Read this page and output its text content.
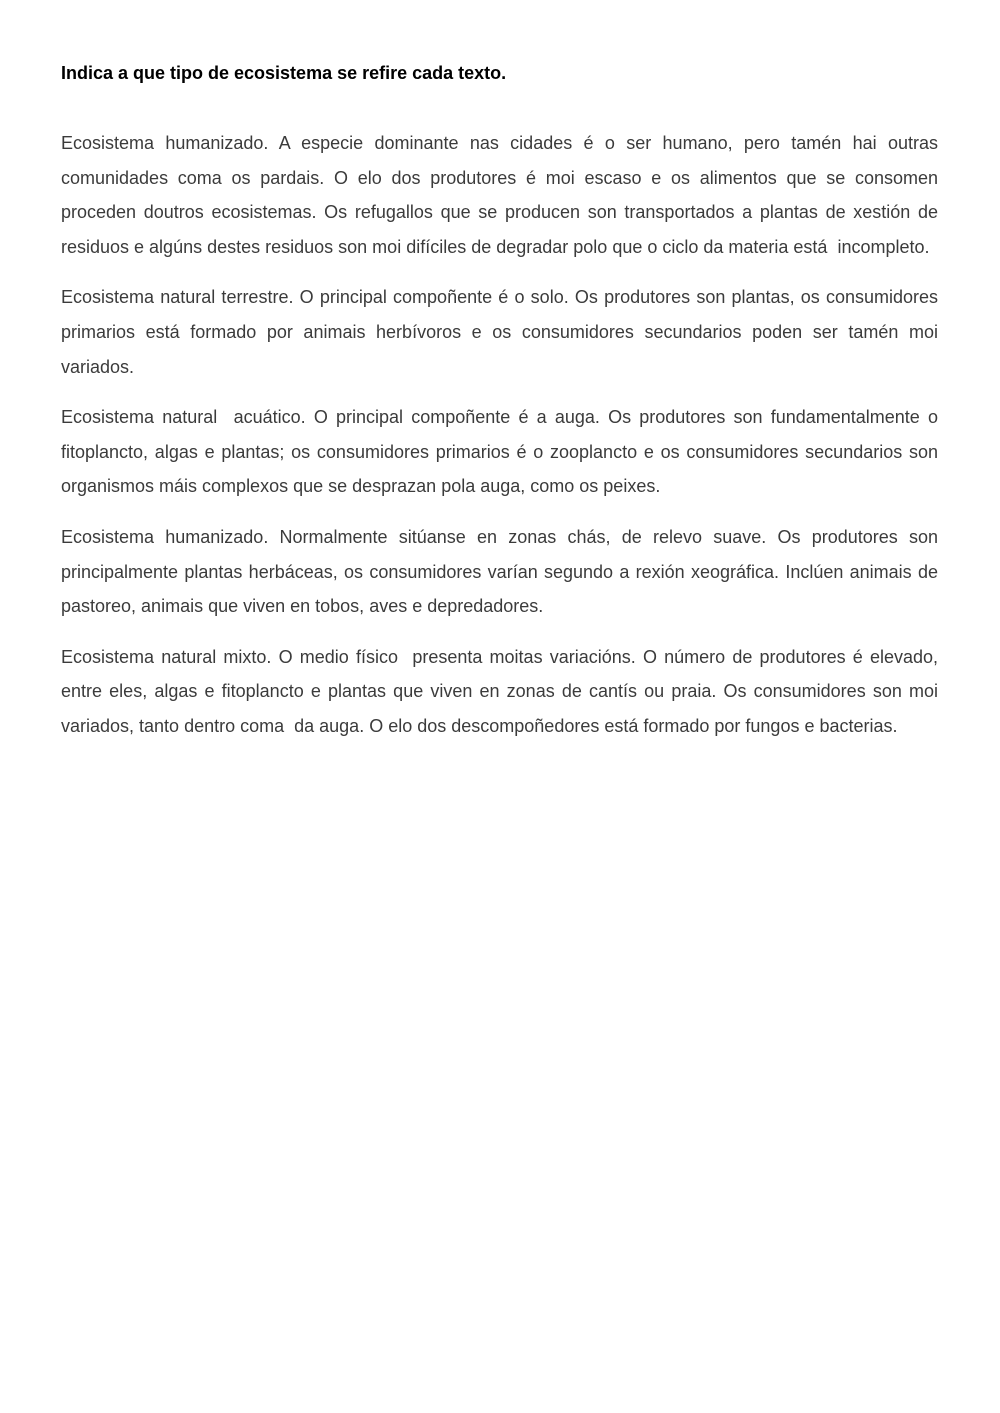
Indica a que tipo de ecosistema se refire cada texto.

Ecosistema humanizado. A especie dominante nas cidades é o ser humano, pero tamén hai outras comunidades coma os pardais. O elo dos produtores é moi escaso e os alimentos que se consomen proceden doutros ecosistemas. Os refugallos que se producen son transportados a plantas de xestión de residuos e algúns destes residuos son moi difíciles de degradar polo que o ciclo da materia está  incompleto.

Ecosistema natural terrestre. O principal compoñente é o solo. Os produtores son plantas, os consumidores primarios está formado por animais herbívoros e os consumidores secundarios poden ser tamén moi variados.

Ecosistema natural  acuático. O principal compoñente é a auga. Os produtores son fundamentalmente o fitoplancto, algas e plantas; os consumidores primarios é o zooplancto e os consumidores secundarios son organismos máis complexos que se desprazan pola auga, como os peixes.

Ecosistema humanizado. Normalmente sitúanse en zonas chás, de relevo suave. Os produtores son principalmente plantas herbáceas, os consumidores varían segundo a rexión xeográfica. Inclúen animais de pastoreo, animais que viven en tobos, aves e depredadores.

Ecosistema natural mixto. O medio físico  presenta moitas variacións. O número de produtores é elevado, entre eles, algas e fitoplancto e plantas que viven en zonas de cantís ou praia. Os consumidores son moi variados, tanto dentro coma  da auga. O elo dos descompoñedores está formado por fungos e bacterias.
